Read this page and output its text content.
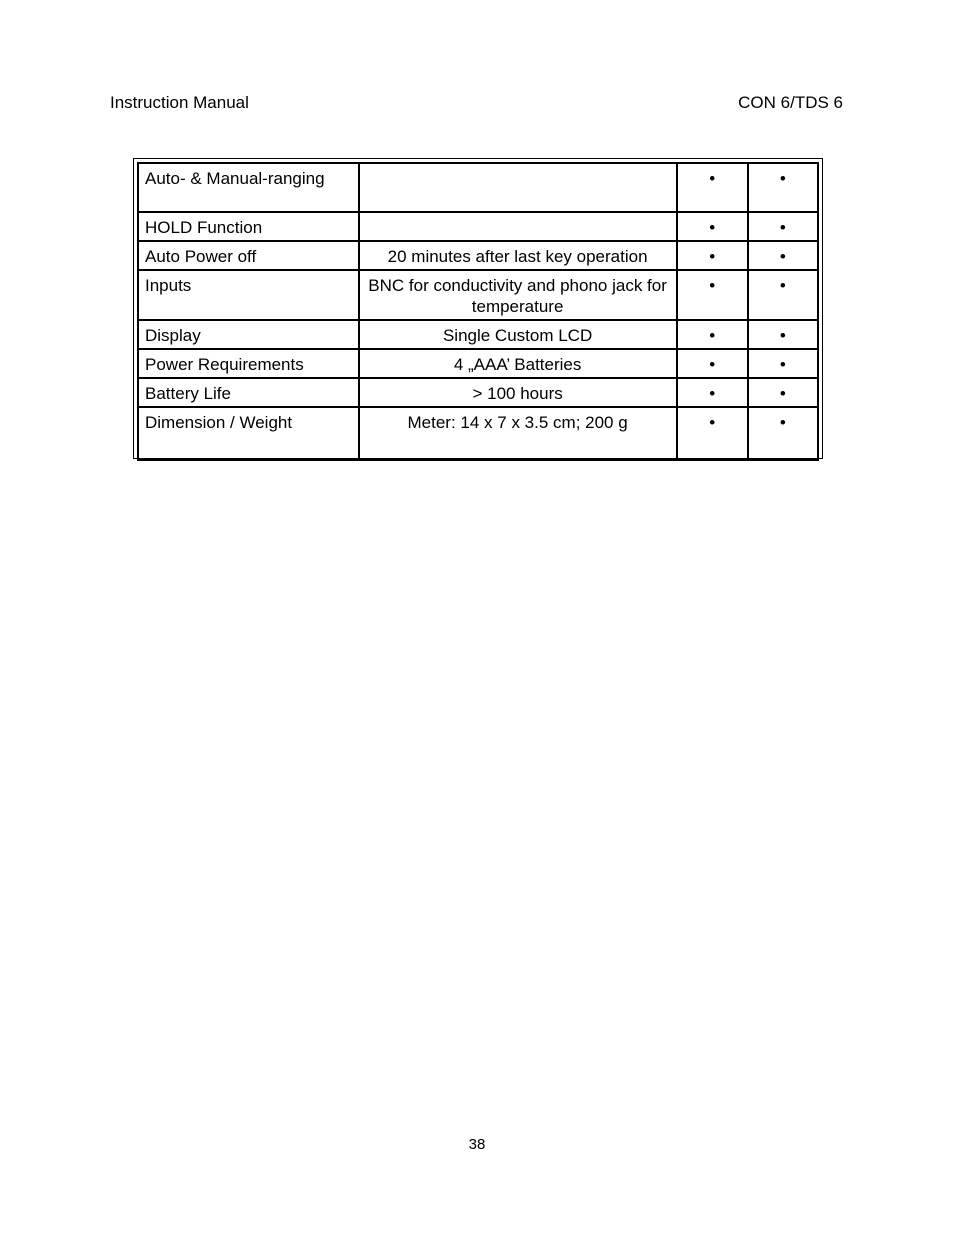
Instruction Manual	CON 6/TDS 6
Auto- & Manual-ranging		•	•
HOLD Function		•	•
Auto Power off	20 minutes after last key operation	•	•
Inputs	BNC for conductivity and phono jack for temperature	•	•
Display	Single Custom LCD	•	•
Power Requirements	4 „AAA’ Batteries	•	•
Battery Life	> 100 hours	•	•
Dimension / Weight	Meter: 14 x 7 x 3.5 cm; 200 g	•	•
38
